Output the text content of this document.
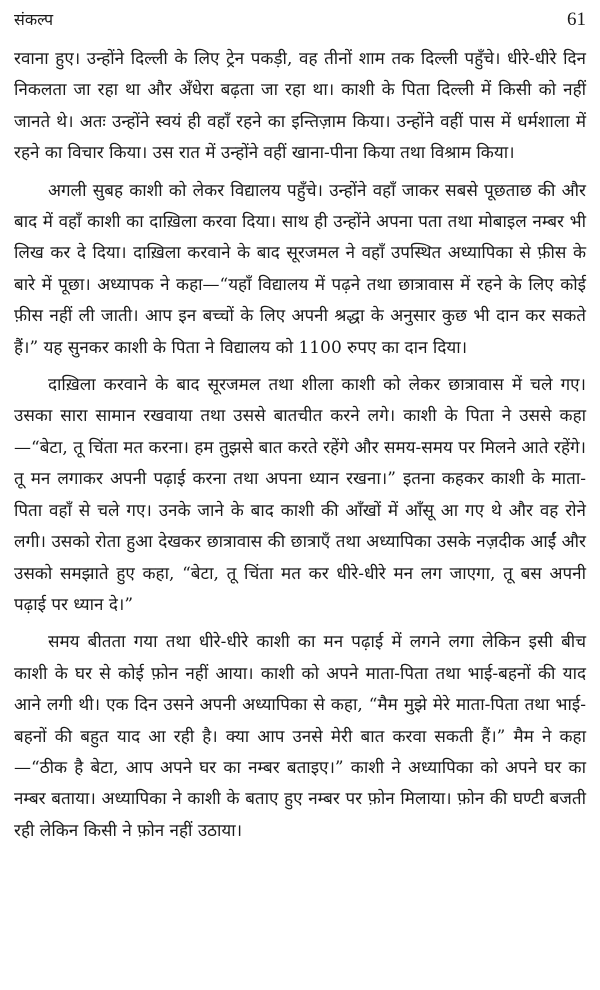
संकल्प	61

रवाना हुए। उन्होंने दिल्ली के लिए ट्रेन पकड़ी, वह तीनों शाम तक दिल्ली पहुँचे। धीरे-धीरे दिन निकलता जा रहा था और अँधेरा बढ़ता जा रहा था। काशी के पिता दिल्ली में किसी को नहीं जानते थे। अतः उन्होंने स्वयं ही वहाँ रहने का इन्तिज़ाम किया। उन्होंने वहीं पास में धर्मशाला में रहने का विचार किया। उस रात में उन्होंने वहीं खाना-पीना किया तथा विश्राम किया।

अगली सुबह काशी को लेकर विद्यालय पहुँचे। उन्होंने वहाँ जाकर सबसे पूछताछ की और बाद में वहाँ काशी का दाख़िला करवा दिया। साथ ही उन्होंने अपना पता तथा मोबाइल नम्बर भी लिख कर दे दिया। दाख़िला करवाने के बाद सूरजमल ने वहाँ उपस्थित अध्यापिका से फ़ीस के बारे में पूछा। अध्यापक ने कहा—“यहाँ विद्यालय में पढ़ने तथा छात्रावास में रहने के लिए कोई फ़ीस नहीं ली जाती। आप इन बच्चों के लिए अपनी श्रद्धा के अनुसार कुछ भी दान कर सकते हैं।” यह सुनकर काशी के पिता ने विद्यालय को 1100 रुपए का दान दिया।

दाख़िला करवाने के बाद सूरजमल तथा शीला काशी को लेकर छात्रावास में चले गए। उसका सारा सामान रखवाया तथा उससे बातचीत करने लगे। काशी के पिता ने उससे कहा—“बेटा, तू चिंता मत करना। हम तुझसे बात करते रहेंगे और समय-समय पर मिलने आते रहेंगे। तू मन लगाकर अपनी पढ़ाई करना तथा अपना ध्यान रखना।” इतना कहकर काशी के माता-पिता वहाँ से चले गए। उनके जाने के बाद काशी की आँखों में आँसू आ गए थे और वह रोने लगी। उसको रोता हुआ देखकर छात्रावास की छात्राएँ तथा अध्यापिका उसके नज़दीक आईं और उसको समझाते हुए कहा, “बेटा, तू चिंता मत कर धीरे-धीरे मन लग जाएगा, तू बस अपनी पढ़ाई पर ध्यान दे।”

समय बीतता गया तथा धीरे-धीरे काशी का मन पढ़ाई में लगने लगा लेकिन इसी बीच काशी के घर से कोई फ़ोन नहीं आया। काशी को अपने माता-पिता तथा भाई-बहनों की याद आने लगी थी। एक दिन उसने अपनी अध्यापिका से कहा, “मैम मुझे मेरे माता-पिता तथा भाई-बहनों की बहुत याद आ रही है। क्या आप उनसे मेरी बात करवा सकती हैं।” मैम ने कहा—“ठीक है बेटा, आप अपने घर का नम्बर बताइए।” काशी ने अध्यापिका को अपने घर का नम्बर बताया। अध्यापिका ने काशी के बताए हुए नम्बर पर फ़ोन मिलाया। फ़ोन की घण्टी बजती रही लेकिन किसी ने फ़ोन नहीं उठाया।
